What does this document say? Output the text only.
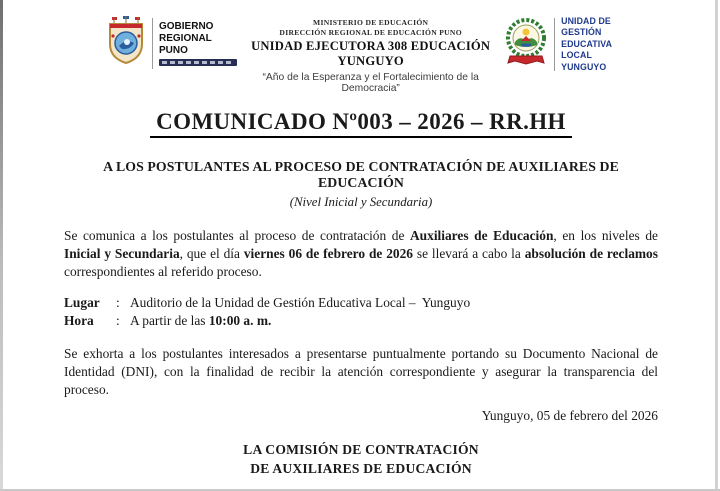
GOBIERNO
REGIONAL
PUNO
MINISTERIO DE EDUCACIÓN
DIRECCIÓN REGIONAL DE EDUCACIÓN PUNO
UNIDAD EJECUTORA 308 EDUCACIÓN YUNGUYO
“Año de la Esperanza y el Fortalecimiento de la Democracia”
UNIDAD DE GESTIÓN
EDUCATIVA LOCAL
YUNGUYO
COMUNICADO Nº003 – 2026 – RR.HH
A LOS POSTULANTES AL PROCESO DE CONTRATACIÓN DE AUXILIARES DE EDUCACIÓN
(Nivel Inicial y Secundaria)
Se comunica a los postulantes al proceso de contratación de Auxiliares de Educación, en los niveles de Inicial y Secundaria, que el día viernes 06 de febrero de 2026 se llevará a cabo la absolución de reclamos correspondientes al referido proceso.
Lugar	: Auditorio de la Unidad de Gestión Educativa Local –  Yunguyo
Hora	: A partir de las 10:00 a. m.
Se exhorta a los postulantes interesados a presentarse puntualmente portando su Documento Nacional de Identidad (DNI), con la finalidad de recibir la atención correspondiente y asegurar la transparencia del proceso.
Yunguyo, 05 de febrero del 2026
LA COMISIÓN DE CONTRATACIÓN
DE AUXILIARES DE EDUCACIÓN
